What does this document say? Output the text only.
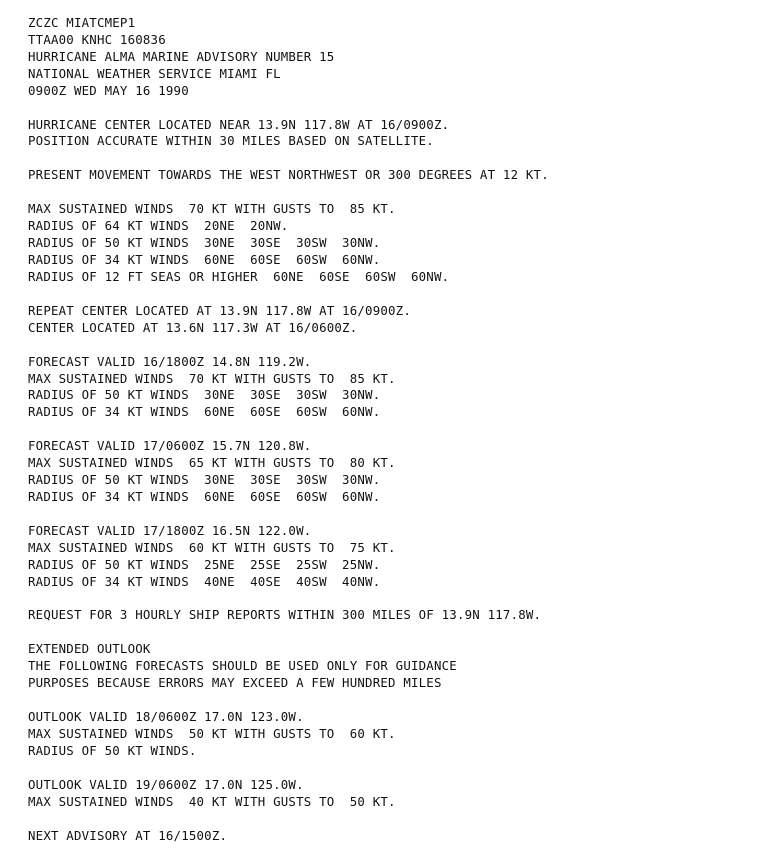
ZCZC MIATCMEP1
TTAA00 KNHC 160836
HURRICANE ALMA MARINE ADVISORY NUMBER 15
NATIONAL WEATHER SERVICE MIAMI FL
0900Z WED MAY 16 1990
HURRICANE CENTER LOCATED NEAR 13.9N 117.8W AT 16/0900Z.
POSITION ACCURATE WITHIN 30 MILES BASED ON SATELLITE.
PRESENT MOVEMENT TOWARDS THE WEST NORTHWEST OR 300 DEGREES AT 12 KT.
MAX SUSTAINED WINDS  70 KT WITH GUSTS TO  85 KT.
RADIUS OF 64 KT WINDS  20NE  20NW.
RADIUS OF 50 KT WINDS  30NE  30SE  30SW  30NW.
RADIUS OF 34 KT WINDS  60NE  60SE  60SW  60NW.
RADIUS OF 12 FT SEAS OR HIGHER  60NE  60SE  60SW  60NW.
REPEAT CENTER LOCATED AT 13.9N 117.8W AT 16/0900Z.
CENTER LOCATED AT 13.6N 117.3W AT 16/0600Z.
FORECAST VALID 16/1800Z 14.8N 119.2W.
MAX SUSTAINED WINDS  70 KT WITH GUSTS TO  85 KT.
RADIUS OF 50 KT WINDS  30NE  30SE  30SW  30NW.
RADIUS OF 34 KT WINDS  60NE  60SE  60SW  60NW.
FORECAST VALID 17/0600Z 15.7N 120.8W.
MAX SUSTAINED WINDS  65 KT WITH GUSTS TO  80 KT.
RADIUS OF 50 KT WINDS  30NE  30SE  30SW  30NW.
RADIUS OF 34 KT WINDS  60NE  60SE  60SW  60NW.
FORECAST VALID 17/1800Z 16.5N 122.0W.
MAX SUSTAINED WINDS  60 KT WITH GUSTS TO  75 KT.
RADIUS OF 50 KT WINDS  25NE  25SE  25SW  25NW.
RADIUS OF 34 KT WINDS  40NE  40SE  40SW  40NW.
REQUEST FOR 3 HOURLY SHIP REPORTS WITHIN 300 MILES OF 13.9N 117.8W.
EXTENDED OUTLOOK
THE FOLLOWING FORECASTS SHOULD BE USED ONLY FOR GUIDANCE
PURPOSES BECAUSE ERRORS MAY EXCEED A FEW HUNDRED MILES
OUTLOOK VALID 18/0600Z 17.0N 123.0W.
MAX SUSTAINED WINDS  50 KT WITH GUSTS TO  60 KT.
RADIUS OF 50 KT WINDS.
OUTLOOK VALID 19/0600Z 17.0N 125.0W.
MAX SUSTAINED WINDS  40 KT WITH GUSTS TO  50 KT.
NEXT ADVISORY AT 16/1500Z.
